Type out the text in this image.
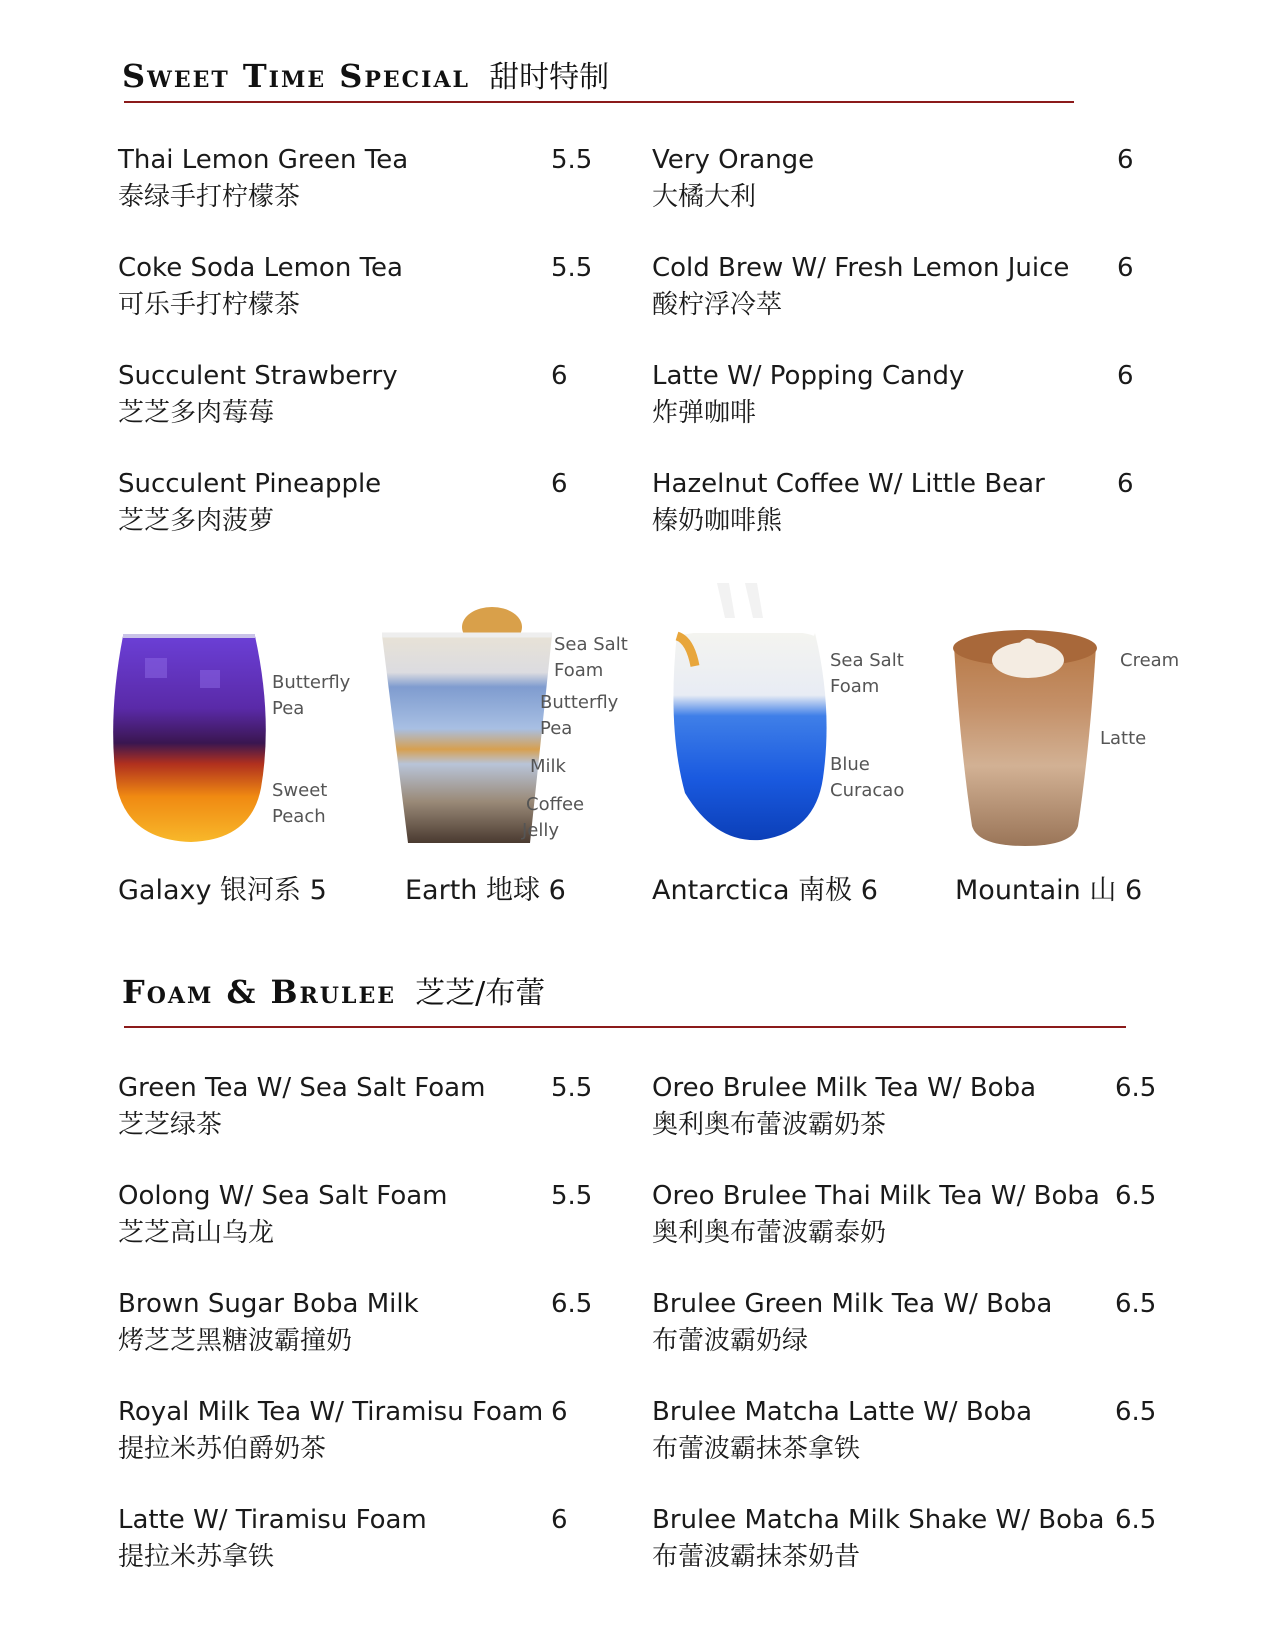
Sweet Time Special 甜时特制
Thai Lemon Green Tea
泰绿手打柠檬茶
5.5
Coke Soda Lemon Tea
可乐手打柠檬茶
5.5
Succulent Strawberry
芝芝多肉莓莓
6
Succulent Pineapple
芝芝多肉菠萝
6
Very Orange
大橘大利
6
Cold Brew W/ Fresh Lemon Juice
酸柠浮冷萃
6
Latte W/ Popping Candy
炸弹咖啡
6
Hazelnut Coffee W/ Little Bear
榛奶咖啡熊
6
Butterfly
Pea
Sweet
Peach
Galaxy 银河系 5
Sea Salt
Foam
Butterfly
Pea
Milk
Coffee
Jelly
Earth 地球 6
Sea Salt
Foam
Blue
Curacao
Antarctica 南极 6
Cream
Latte
Mountain 山 6
Foam & Brulee 芝芝/布蕾
Green Tea W/ Sea Salt Foam
芝芝绿茶
5.5
Oolong W/ Sea Salt Foam
芝芝高山乌龙
5.5
Brown Sugar Boba Milk
烤芝芝黑糖波霸撞奶
6.5
Royal Milk Tea W/ Tiramisu Foam
提拉米苏伯爵奶茶
6
Latte W/ Tiramisu Foam
提拉米苏拿铁
6
Oreo Brulee Milk Tea W/ Boba
奥利奥布蕾波霸奶茶
6.5
Oreo Brulee Thai Milk Tea W/ Boba
奥利奥布蕾波霸泰奶
6.5
Brulee Green Milk Tea W/ Boba
布蕾波霸奶绿
6.5
Brulee Matcha Latte W/ Boba
布蕾波霸抹茶拿铁
6.5
Brulee Matcha Milk Shake W/ Boba
布蕾波霸抹茶奶昔
6.5
